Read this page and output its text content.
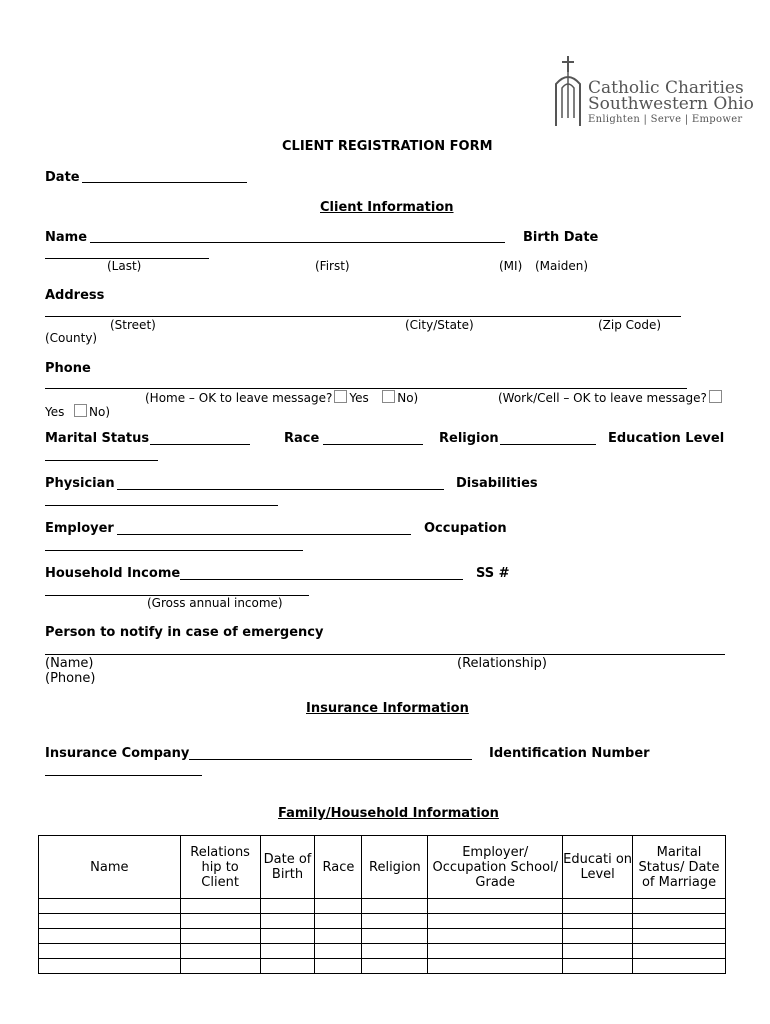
Catholic Charities
Southwestern Ohio
Enlighten | Serve | Empower
CLIENT REGISTRATION FORM
Date
Client Information
Name	Birth Date
(Last)	(First)	(MI) (Maiden)
Address
(Street)	(City/State)	(Zip Code)
(County)
Phone
(Home – OK to leave message? Yes No)	(Work/Cell – OK to leave message?
Yes No)
Marital Status	Race	Religion	Education Level
Physician	Disabilities
Employer	Occupation
Household Income	SS #
(Gross annual income)
Person to notify in case of emergency
(Name)	(Relationship)
(Phone)
Insurance Information
Insurance Company	Identification Number
Family/Household Information
Name	Relations hip to Client	Date of Birth	Race	Religion	Employer/ Occupation School/ Grade	Educati on Level	Marital Status/ Date of Marriage
